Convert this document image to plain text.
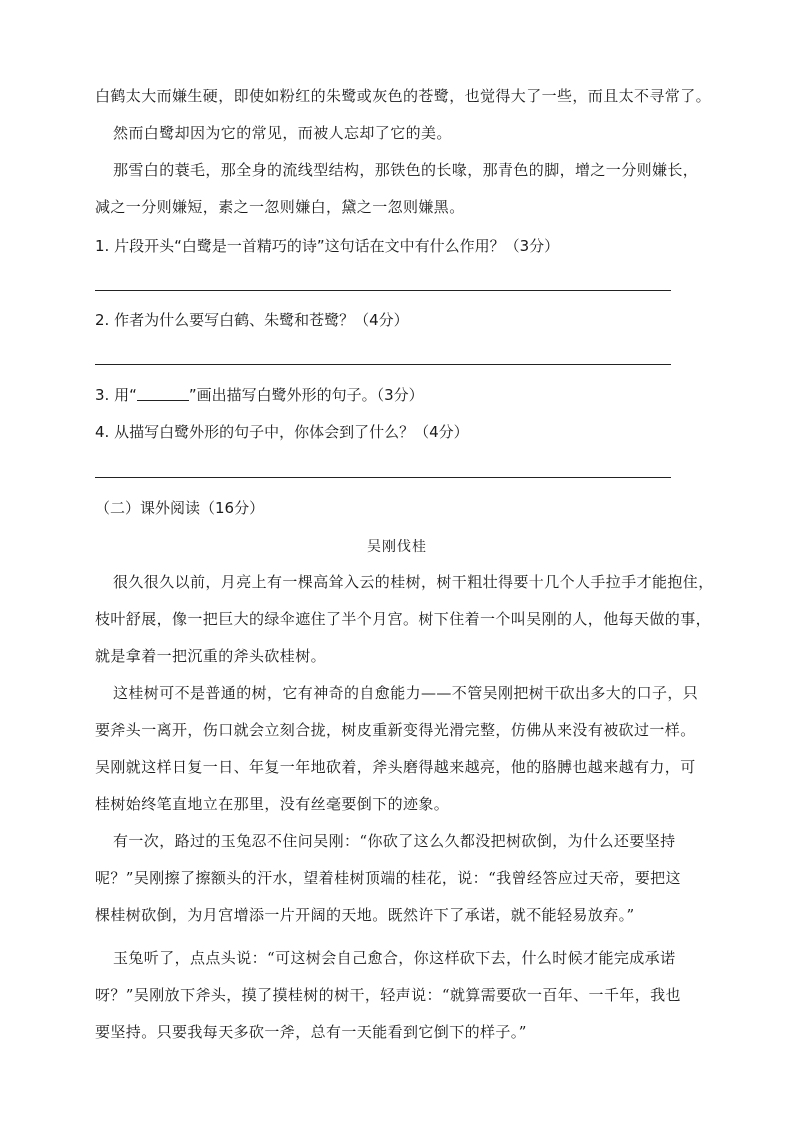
白鹤太大而嫌生硬，即使如粉红的朱鹭或灰色的苍鹭，也觉得大了一些，而且太不寻常了。
然而白鹭却因为它的常见，而被人忘却了它的美。
那雪白的蓑毛，那全身的流线型结构，那铁色的长喙，那青色的脚，增之一分则嫌长，
减之一分则嫌短，素之一忽则嫌白，黛之一忽则嫌黑。
1. 片段开头“白鹭是一首精巧的诗”这句话在文中有什么作用？（3分）
2. 作者为什么要写白鹤、朱鹭和苍鹭？（4分）
3. 用“	”画出描写白鹭外形的句子。（3分）
4. 从描写白鹭外形的句子中，你体会到了什么？（4分）
（二）课外阅读（16分）
吴刚伐桂
很久很久以前，月亮上有一棵高耸入云的桂树，树干粗壮得要十几个人手拉手才能抱住，
枝叶舒展，像一把巨大的绿伞遮住了半个月宫。树下住着一个叫吴刚的人，他每天做的事，
就是拿着一把沉重的斧头砍桂树。
这桂树可不是普通的树，它有神奇的自愈能力——不管吴刚把树干砍出多大的口子，只
要斧头一离开，伤口就会立刻合拢，树皮重新变得光滑完整，仿佛从来没有被砍过一样。
吴刚就这样日复一日、年复一年地砍着，斧头磨得越来越亮，他的胳膊也越来越有力，可
桂树始终笔直地立在那里，没有丝毫要倒下的迹象。
有一次，路过的玉兔忍不住问吴刚：“你砍了这么久都没把树砍倒，为什么还要坚持
呢？”吴刚擦了擦额头的汗水，望着桂树顶端的桂花，说：“我曾经答应过天帝，要把这
棵桂树砍倒，为月宫增添一片开阔的天地。既然许下了承诺，就不能轻易放弃。”
玉兔听了，点点头说：“可这树会自己愈合，你这样砍下去，什么时候才能完成承诺
呀？”吴刚放下斧头，摸了摸桂树的树干，轻声说：“就算需要砍一百年、一千年，我也
要坚持。只要我每天多砍一斧，总有一天能看到它倒下的样子。”
